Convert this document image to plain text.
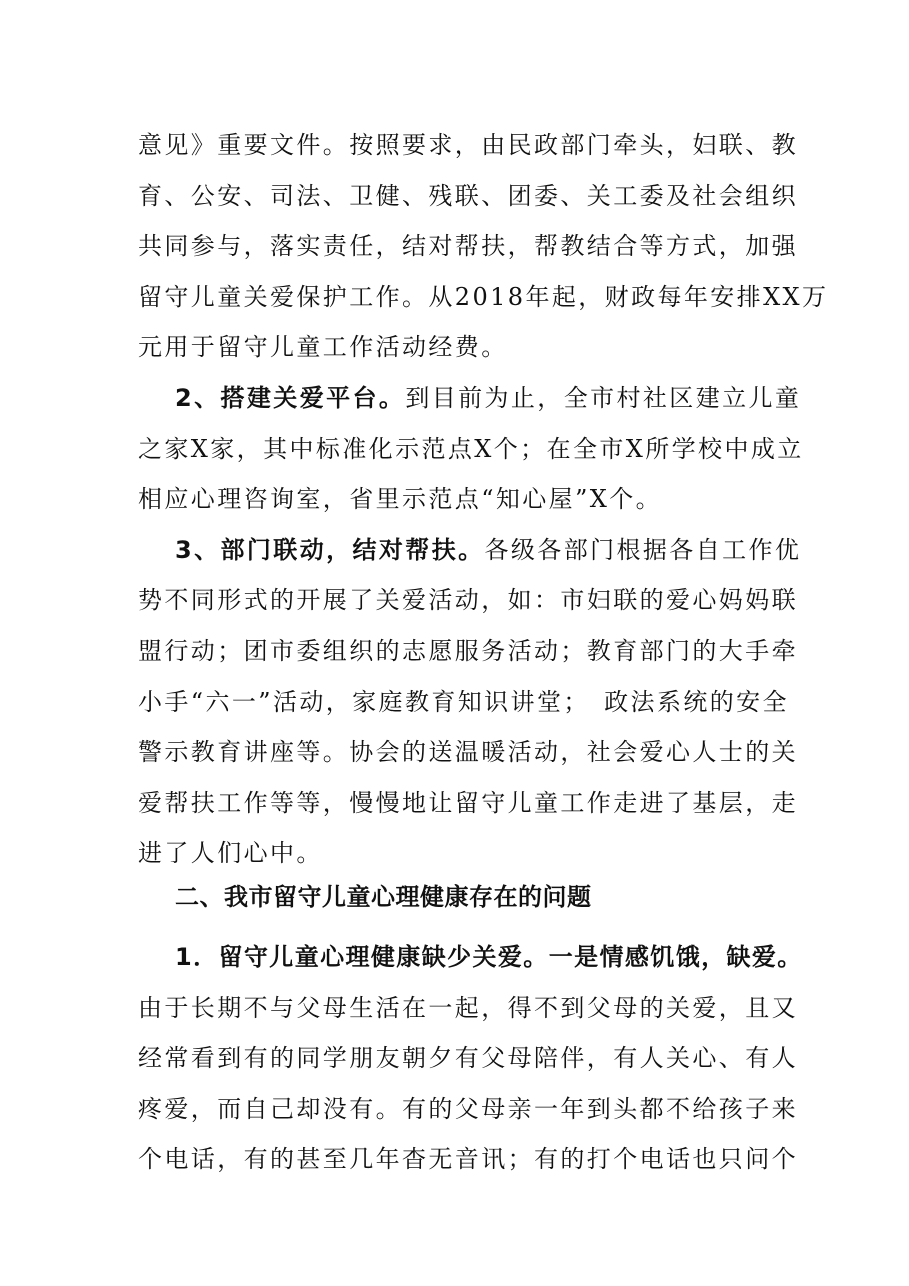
意见》重要文件。按照要求，由民政部门牵头，妇联、教
育、公安、司法、卫健、残联、团委、关工委及社会组织
共同参与，落实责任，结对帮扶，帮教结合等方式，加强
留守儿童关爱保护工作。从2018年起，财政每年安排XX万
元用于留守儿童工作活动经费。
2、搭建关爱平台。到目前为止，全市村社区建立儿童
之家X家，其中标准化示范点X个；在全市X所学校中成立
相应心理咨询室，省里示范点“知心屋”X个。
3、部门联动，结对帮扶。各级各部门根据各自工作优
势不同形式的开展了关爱活动，如：市妇联的爱心妈妈联
盟行动；团市委组织的志愿服务活动；教育部门的大手牵
小手“六一”活动，家庭教育知识讲堂；　政法系统的安全
警示教育讲座等。协会的送温暖活动，社会爱心人士的关
爱帮扶工作等等，慢慢地让留守儿童工作走进了基层，走
进了人们心中。
二、我市留守儿童心理健康存在的问题
1．留守儿童心理健康缺少关爱。一是情感饥饿，缺爱。
由于长期不与父母生活在一起，得不到父母的关爱，且又
经常看到有的同学朋友朝夕有父母陪伴，有人关心、有人
疼爱，而自己却没有。有的父母亲一年到头都不给孩子来
个电话，有的甚至几年杳无音讯；有的打个电话也只问个
